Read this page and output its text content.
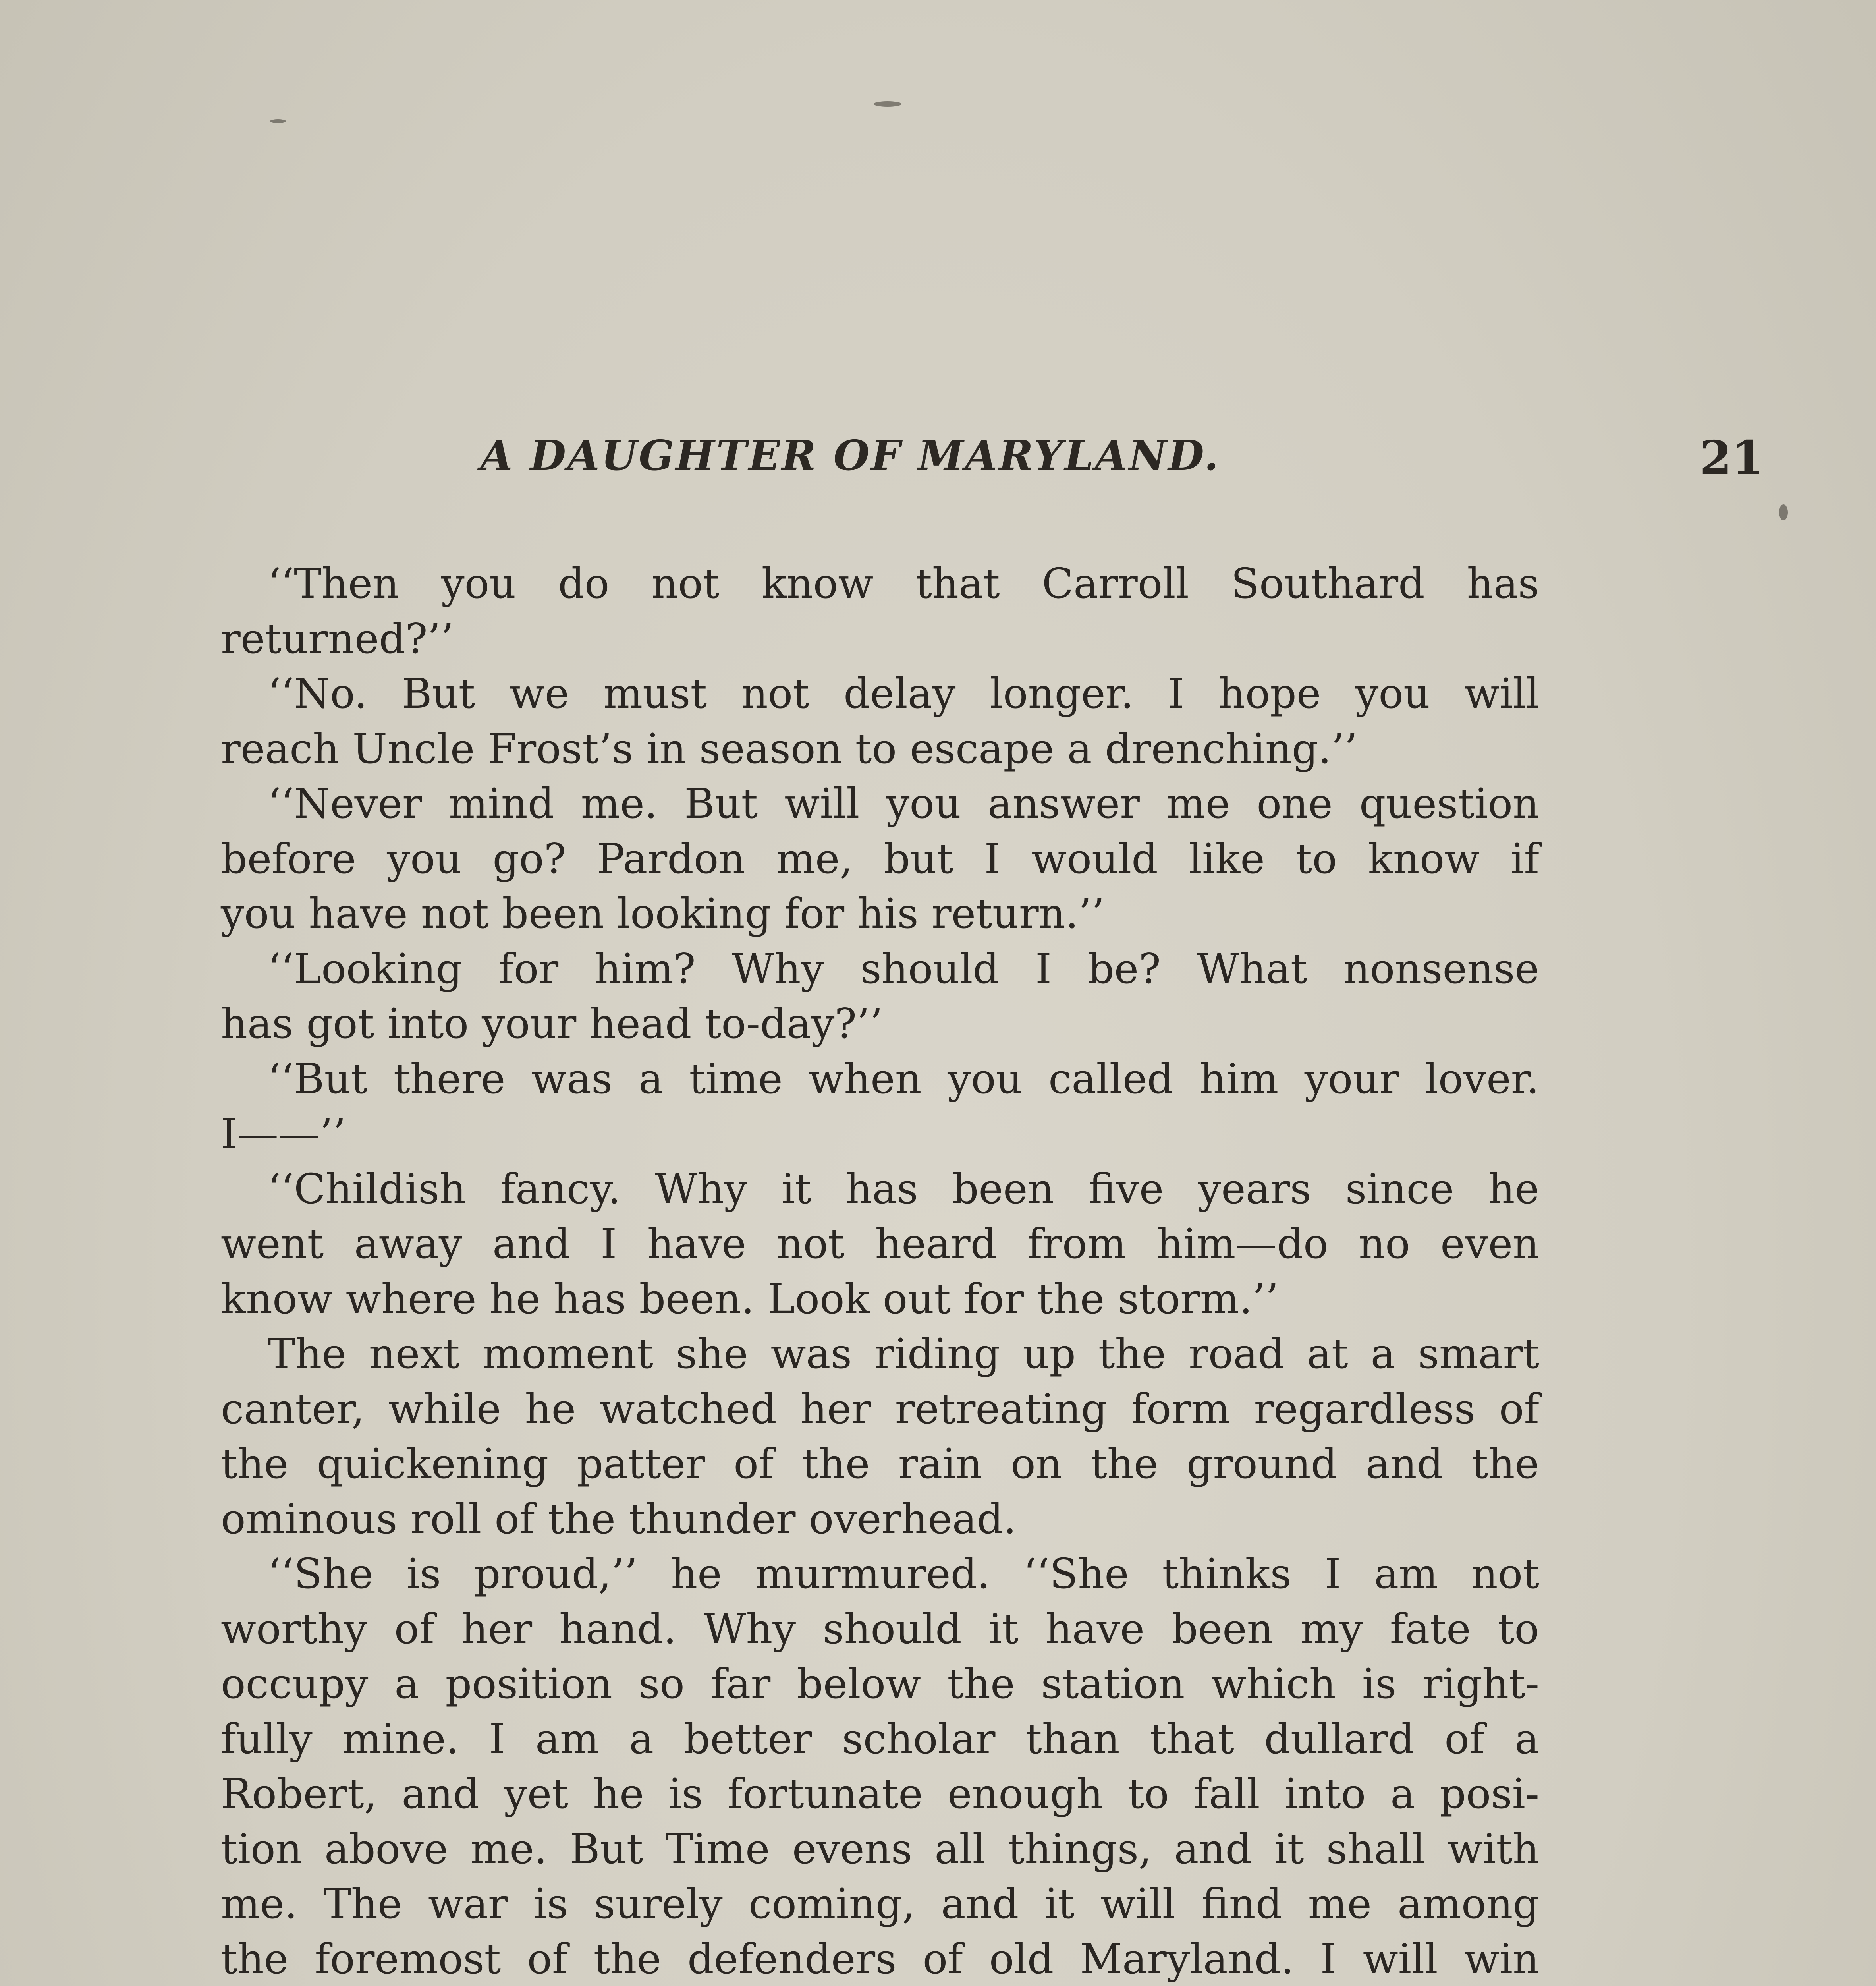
A DAUGHTER OF MARYLAND.	21
‘‘Then you do not know that Carroll Southard has
returned?’’
‘‘No. But we must not delay longer. I hope you will
reach Uncle Frost’s in season to escape a drenching.’’
‘‘Never mind me. But will you answer me one question
before you go? Pardon me, but I would like to know if
you have not been looking for his return.’’
‘‘Looking for him? Why should I be? What nonsense
has got into your head to-day?’’
‘‘But there was a time when you called him your lover.
I——’’
‘‘Childish fancy. Why it has been five years since he
went away and I have not heard from him—do no even
know where he has been. Look out for the storm.’’
The next moment she was riding up the road at a smart
canter, while he watched her retreating form regardless of
the quickening patter of the rain on the ground and the
ominous roll of the thunder overhead.
‘‘She is proud,’’ he murmured. ‘‘She thinks I am not
worthy of her hand. Why should it have been my fate to
occupy a position so far below the station which is right-
fully mine. I am a better scholar than that dullard of a
Robert, and yet he is fortunate enough to fall into a posi-
tion above me. But Time evens all things, and it shall with
me. The war is surely coming, and it will find me among
the foremost of the defenders of old Maryland. I will win
